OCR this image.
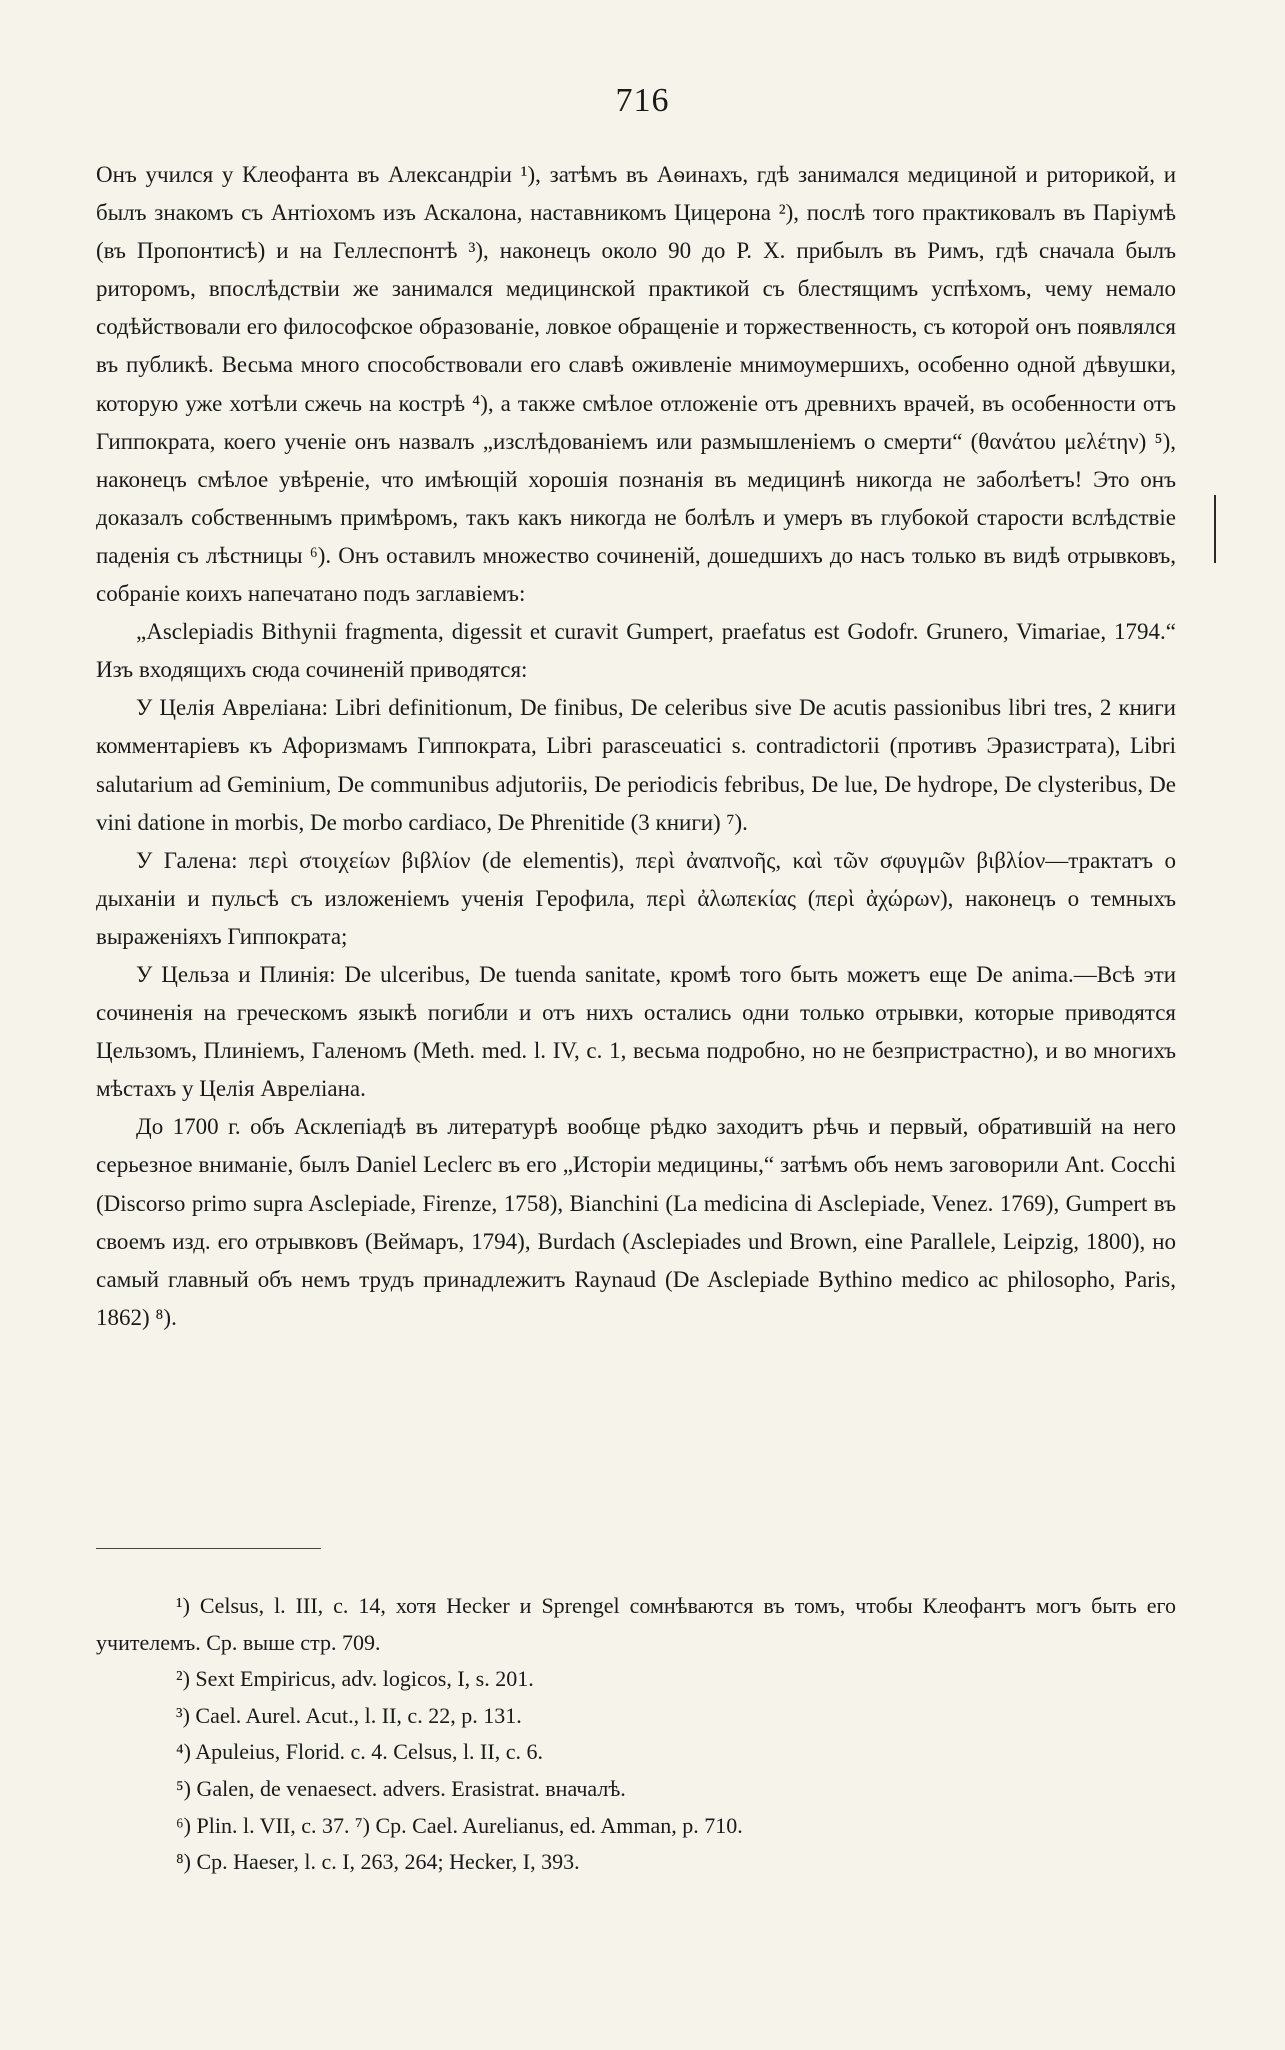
716

Онъ учился у Клеофанта въ Александріи ¹), затѣмъ въ Аѳинахъ, гдѣ занимался медициной и риторикой, и былъ знакомъ съ Антіохомъ изъ Аскалона, наставникомъ Цицерона ²), послѣ того практиковалъ въ Паріумѣ (въ Пропонтисѣ) и на Геллеспонтѣ ³), наконецъ около 90 до Р. Х. прибылъ въ Римъ, гдѣ сначала былъ риторомъ, впослѣдствіи же занимался медицинской практикой съ блестящимъ успѣхомъ, чему немало содѣйствовали его философское образованіе, ловкое обращеніе и торжественность, съ которой онъ появлялся въ публикѣ. Весьма много способствовали его славѣ оживленіе мнимоумершихъ, особенно одной дѣвушки, которую уже хотѣли сжечь на кострѣ ⁴), а также смѣлое отложеніе отъ древнихъ врачей, въ особенности отъ Гиппократа, коего ученіе онъ назвалъ „изслѣдованіемъ или размышленіемъ о смерти“ (θανάτου μελέτην) ⁵), наконецъ смѣлое увѣреніе, что имѣющій хорошія познанія въ медицинѣ никогда не заболѣетъ! Это онъ доказалъ собственнымъ примѣромъ, такъ какъ никогда не болѣлъ и умеръ въ глубокой старости вслѣдствіе паденія съ лѣстницы ⁶). Онъ оставилъ множество сочиненій, дошедшихъ до насъ только въ видѣ отрывковъ, собраніе коихъ напечатано подъ заглавіемъ:

„Asclepiadis Bithynii fragmenta, digessit et curavit Gumpert, praefatus est Godofr. Grunero, Vimariae, 1794.“ Изъ входящихъ сюда сочиненій приводятся:

У Целія Авреліана: Libri definitionum, De finibus, De celeribus sive De acutis passionibus libri tres, 2 книги комментаріевъ къ Афоризмамъ Гиппократа, Libri parasceuatici s. contradictorii (противъ Эразистрата), Libri salutarium ad Geminium, De communibus adjutoriis, De periodicis febribus, De lue, De hydrope, De clysteribus, De vini datione in morbis, De morbo cardiaco, De Phrenitide (3 книги) ⁷).

У Галена: περὶ στοιχείων βιβλίον (de elementis), περὶ ἀναπνοῆς, καὶ τῶν σφυγμῶν βιβλίον—трактатъ о дыханіи и пульсѣ съ изложеніемъ ученія Герофила, περὶ ἀλωπεκίας (περὶ ἀχώρων), наконецъ о темныхъ выраженіяхъ Гиппократа;

У Цельза и Плинія: De ulceribus, De tuenda sanitate, кромѣ того быть можетъ еще De anima.—Всѣ эти сочиненія на греческомъ языкѣ погибли и отъ нихъ остались одни только отрывки, которые приводятся Цельзомъ, Плиніемъ, Галеномъ (Meth. med. l. IV, c. 1, весьма подробно, но не безпристрастно), и во многихъ мѣстахъ у Целія Авреліана.

До 1700 г. объ Асклепіадѣ въ литературѣ вообще рѣдко заходитъ рѣчь и первый, обратившій на него серьезное вниманіе, былъ Daniel Leclerc въ его „Исторіи медицины,“ затѣмъ объ немъ заговорили Ant. Cocchi (Discorso primo supra Asclepiade, Firenze, 1758), Bianchini (La medicina di Asclepiade, Venez. 1769), Gumpert въ своемъ изд. его отрывковъ (Веймаръ, 1794), Burdach (Asclepiades und Brown, eine Parallele, Leipzig, 1800), но самый главный объ немъ трудъ принадлежитъ Raynaud (De Asclepiade Bythino medico ac philosopho, Paris, 1862) ⁸).

¹) Celsus, l. III, c. 14, хотя Hecker и Sprengel сомнѣваются въ томъ, чтобы Клеофантъ могъ быть его учителемъ. Ср. выше стр. 709.

²) Sext Empiricus, adv. logicos, I, s. 201.

³) Cael. Aurel. Acut., l. II, c. 22, p. 131.

⁴) Apuleius, Florid. c. 4. Celsus, l. II, c. 6.

⁵) Galen, de venaesect. advers. Erasistrat. вначалѣ.

⁶) Plin. l. VII, c. 37. ⁷) Ср. Cael. Aurelianus, ed. Amman, p. 710.

⁸) Ср. Haeser, l. c. I, 263, 264; Hecker, I, 393.
